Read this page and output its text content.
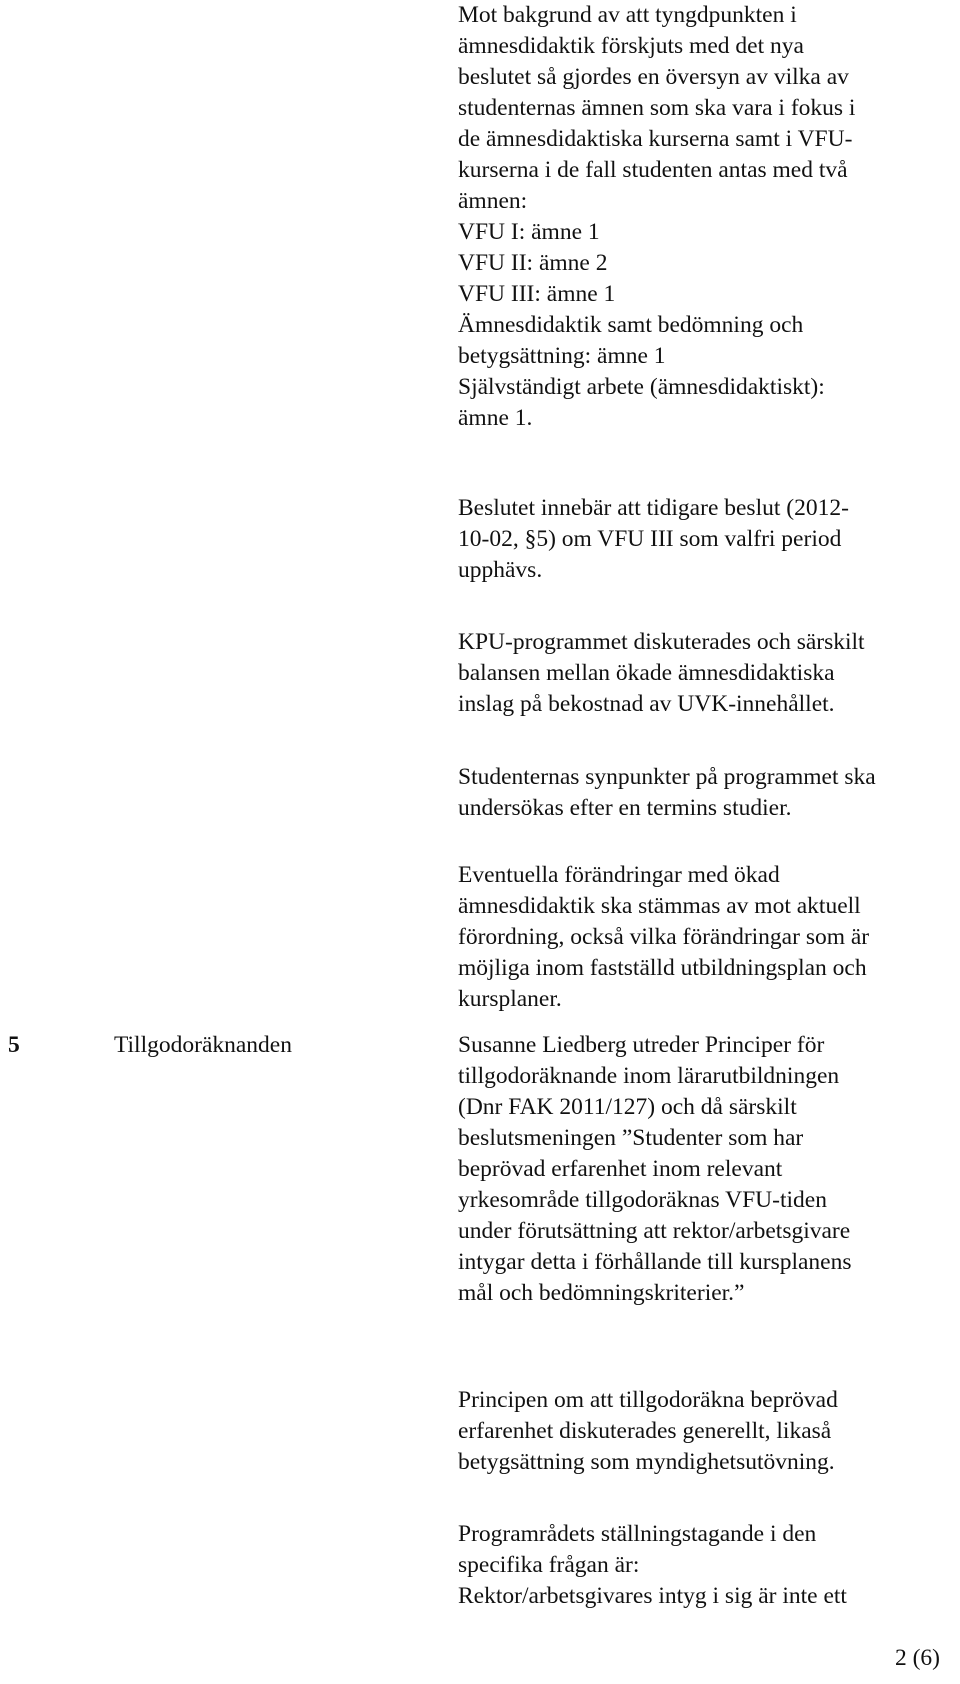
Mot bakgrund av att tyngdpunkten i
ämnesdidaktik förskjuts med det nya
beslutet så gjordes en översyn av vilka av
studenternas ämnen som ska vara i fokus i
de ämnesdidaktiska kurserna samt i VFU-
kurserna i de fall studenten antas med två
ämnen:
VFU I: ämne 1
VFU II: ämne 2
VFU III: ämne 1
Ämnesdidaktik samt bedömning och
betygsättning: ämne 1
Självständigt arbete (ämnesdidaktiskt):
ämne 1.
Beslutet innebär att tidigare beslut (2012-
10-02, §5) om VFU III som valfri period
upphävs.
KPU-programmet diskuterades och särskilt
balansen mellan ökade ämnesdidaktiska
inslag på bekostnad av UVK-innehållet.
Studenternas synpunkter på programmet ska
undersökas efter en termins studier.
Eventuella förändringar med ökad
ämnesdidaktik ska stämmas av mot aktuell
förordning, också vilka förändringar som är
möjliga inom fastställd utbildningsplan och
kursplaner.
5	Tillgodoräknanden	Susanne Liedberg utreder Principer för
tillgodoräknande inom lärarutbildningen
(Dnr FAK 2011/127) och då särskilt
beslutsmeningen ”Studenter som har
beprövad erfarenhet inom relevant
yrkesområde tillgodoräknas VFU-tiden
under förutsättning att rektor/arbetsgivare
intygar detta i förhållande till kursplanens
mål och bedömningskriterier.”
Principen om att tillgodoräkna beprövad
erfarenhet diskuterades generellt, likaså
betygsättning som myndighetsutövning.
Programrådets ställningstagande i den
specifika frågan är:
Rektor/arbetsgivares intyg i sig är inte ett
2 (6)
